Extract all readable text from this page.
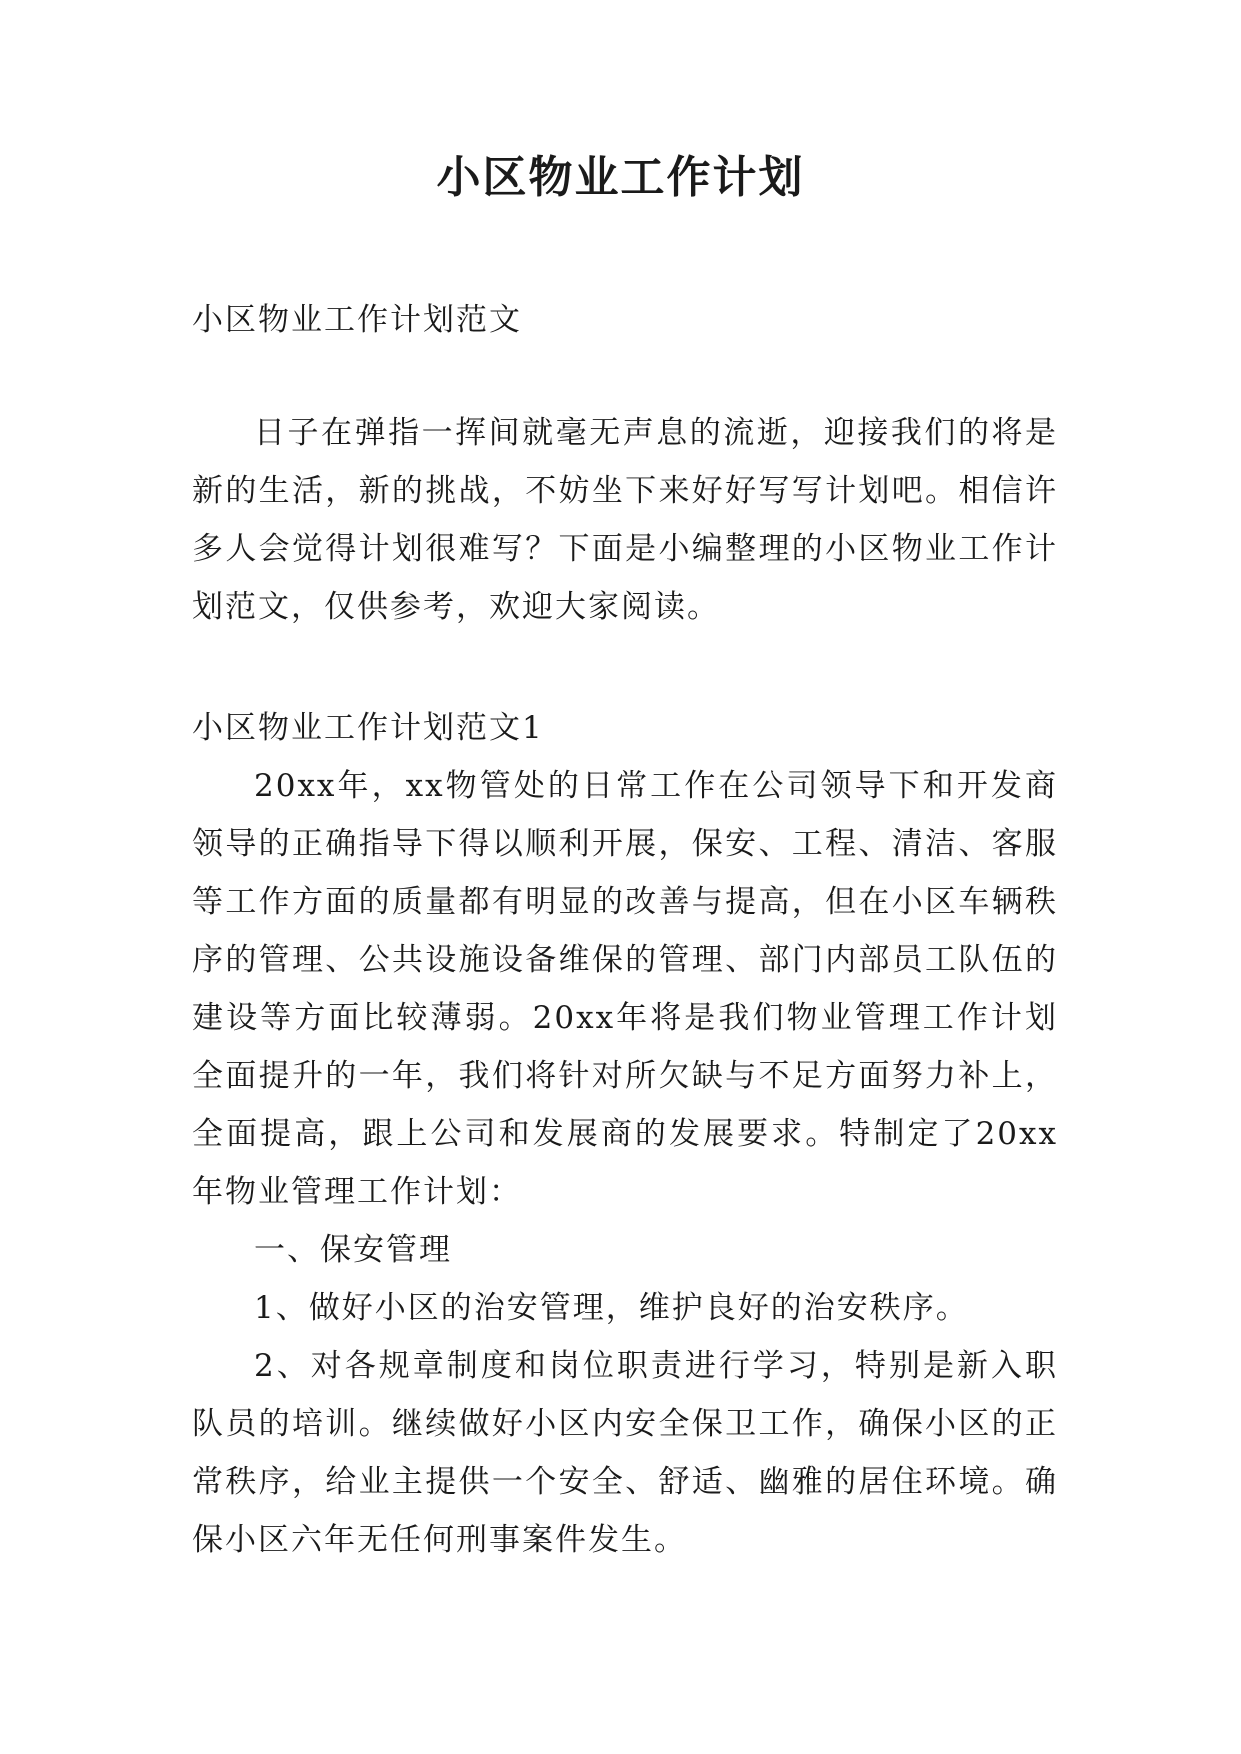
小区物业工作计划

小区物业工作计划范文

日子在弹指一挥间就毫无声息的流逝，迎接我们的将是新的生活，新的挑战，不妨坐下来好好写写计划吧。相信许多人会觉得计划很难写？下面是小编整理的小区物业工作计划范文，仅供参考，欢迎大家阅读。

小区物业工作计划范文1

20xx年，xx物管处的日常工作在公司领导下和开发商领导的正确指导下得以顺利开展，保安、工程、清洁、客服等工作方面的质量都有明显的改善与提高，但在小区车辆秩序的管理、公共设施设备维保的管理、部门内部员工队伍的建设等方面比较薄弱。20xx年将是我们物业管理工作计划全面提升的一年，我们将针对所欠缺与不足方面努力补上，全面提高，跟上公司和发展商的发展要求。特制定了20xx年物业管理工作计划：

一、保安管理

1、做好小区的治安管理，维护良好的治安秩序。

2、对各规章制度和岗位职责进行学习，特别是新入职队员的培训。继续做好小区内安全保卫工作，确保小区的正常秩序，给业主提供一个安全、舒适、幽雅的居住环境。确保小区六年无任何刑事案件发生。
